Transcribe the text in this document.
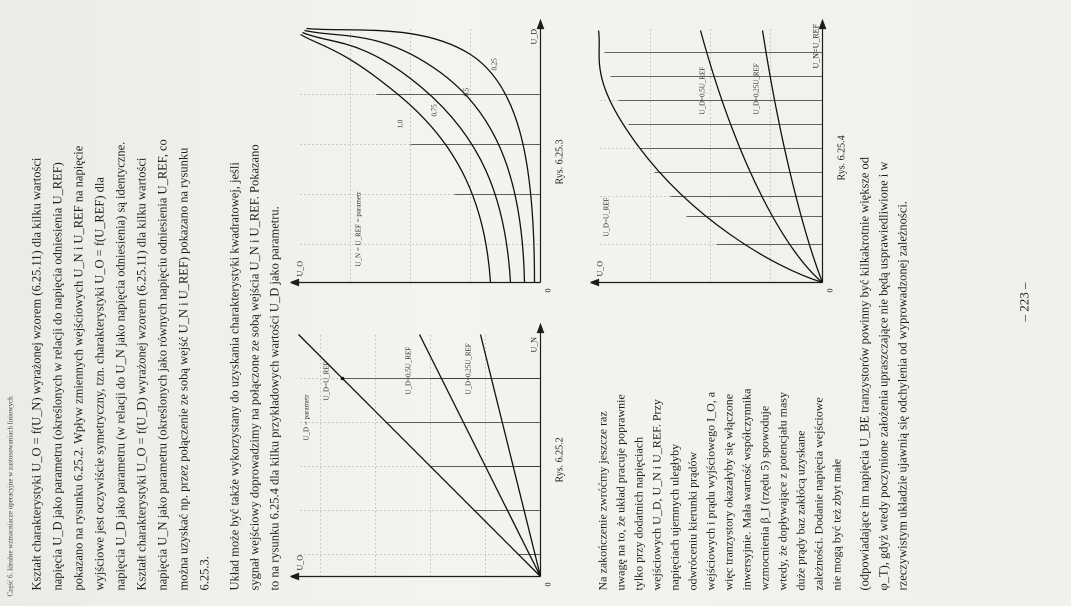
Część 6. Idealne wzmacniacze operacyjne w zastosowaniach liniowych Kształt charakterystyki U_O = f(U_N) wyrażonej wzorem (6.25.11) dla kilku wartości napięcia U_D jako parametru (określonych w relacji do napięcia odniesienia U_REF) pokazano na rysunku 6.25.2. Wpływ zmiennych wejściowych U_N i U_REF na napięcie wyjściowe jest oczywiście symetryczny, tzn. charakterystyki U_O = f(U_REF) dla napięcia U_D jako parametru (w relacji do U_N jako napięcia odniesienia) są identyczne. Kształt charakterystyki U_O = f(U_D) wyrażonej wzorem (6.25.11) dla kilku wartości napięcia U_N jako parametru (określonych jako równych napięciu odniesienia U_REF, co można uzyskać np. przez połączenie ze sobą wejść U_N i U_REF) pokazano na rysunku 6.25.3. Układ może być także wykorzystany do uzyskania charakterystyki kwadratowej, jeśli sygnał wejściowy doprowadzimy na połączone ze sobą wejścia U_N i U_REF. Pokazano to na rysunku 6.25.4 dla kilku przykładowych wartości U_D jako parametru.	U_D=U_REF	U_D=0,5U_REF	U_D=0,25U_REF
U_O
U_N
U_D = parametr
0
Rys. 6.25.2
1,0
0,75
0,5
0,25
U_O
U_D
U_N = U_REF = parametr
0
Rys. 6.25.3
Na zakończenie zwróćmy jeszcze raz uwagę na to, że układ pracuje poprawnie tylko przy dodatnich napięciach wejściowych U_D, U_N i U_REF. Przy napięciach ujemnych uległyby odwróceniu kierunki prądów wejściowych i prądu wyjściowego I_O, a więc tranzystory okazałyby się włączone inwersyjnie. Mała wartość współczynnika wzmocnienia β_I (rzędu 5) spowoduje wtedy, że dopływające z potencjału masy duże prądy baz zakłócą uzyskane zależności. Dodanie napięcia wejściowe nie mogą być też zbyt małe
U_D=U_REF
U_D=0,5U_REF	U_D=0,25U_REF
U_O
U_N=U_REF
0
Rys. 6.25.4 (odpowiadające im napięcia U_BE tranzystorów powinny być kilkakrotnie większe od φ_T), gdyż wtedy poczynione założenia upraszczające nie będą usprawiedliwione i w rzeczywistym układzie ujawnią się odchylenia od wyprowadzonej zależności.	– 223 –
